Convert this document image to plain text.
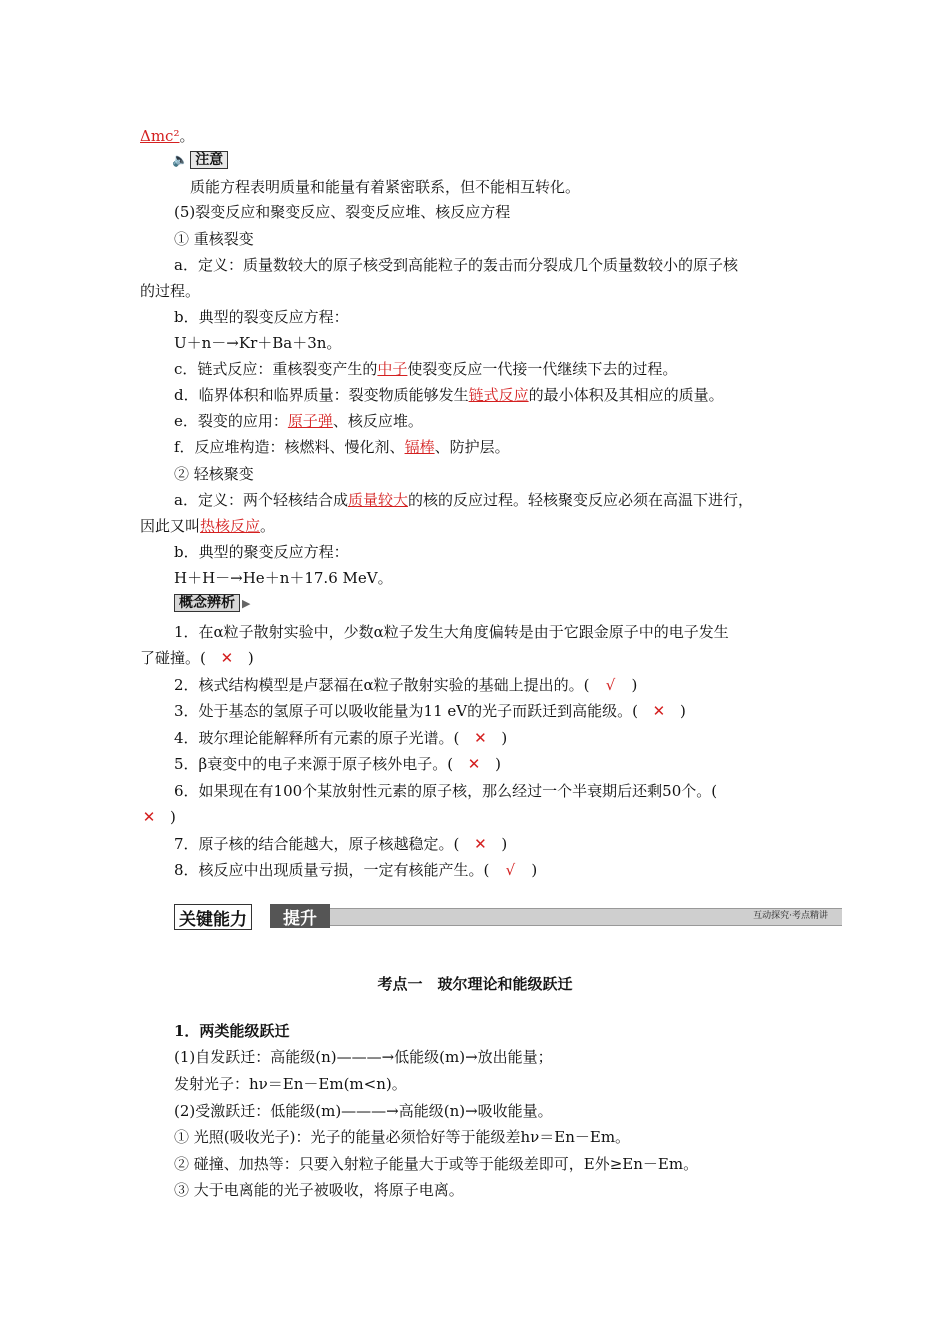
Δmc²。
🔈 注意
质能方程表明质量和能量有着紧密联系，但不能相互转化。
(5)裂变反应和聚变反应、裂变反应堆、核反应方程
① 重核裂变
a．定义：质量数较大的原子核受到高能粒子的轰击而分裂成几个质量数较小的原子核
的过程。
b．典型的裂变反应方程：
U＋n－→Kr＋Ba＋3n。
c．链式反应：重核裂变产生的中子使裂变反应一代接一代继续下去的过程。
d．临界体积和临界质量：裂变物质能够发生链式反应的最小体积及其相应的质量。
e．裂变的应用：原子弹、核反应堆。
f．反应堆构造：核燃料、慢化剂、镉棒、防护层。
② 轻核聚变
a．定义：两个轻核结合成质量较大的核的反应过程。轻核聚变反应必须在高温下进行，
因此又叫热核反应。
b．典型的聚变反应方程：
H＋H－→He＋n＋17.6 MeV。
概念辨析 ▶
1．在α粒子散射实验中，少数α粒子发生大角度偏转是由于它跟金原子中的电子发生
了碰撞。( ✕ )
2．核式结构模型是卢瑟福在α粒子散射实验的基础上提出的。( √ )
3．处于基态的氢原子可以吸收能量为11 eV的光子而跃迁到高能级。( ✕ )
4．玻尔理论能解释所有元素的原子光谱。( ✕ )
5．β衰变中的电子来源于原子核外电子。( ✕ )
6．如果现在有100个某放射性元素的原子核，那么经过一个半衰期后还剩50个。(
✕ )
7．原子核的结合能越大，原子核越稳定。( ✕ )
8．核反应中出现质量亏损，一定有核能产生。( √ )
关键能力	提升	互动探究·考点精讲
考点一　玻尔理论和能级跃迁
1．两类能级跃迁
(1)自发跃迁：高能级(n)———→低能级(m)→放出能量；
发射光子：hν＝En－Em(m<n)。
(2)受激跃迁：低能级(m)———→高能级(n)→吸收能量。
① 光照(吸收光子)：光子的能量必须恰好等于能级差hν＝En－Em。
② 碰撞、加热等：只要入射粒子能量大于或等于能级差即可，E外≥En－Em。
③ 大于电离能的光子被吸收，将原子电离。
